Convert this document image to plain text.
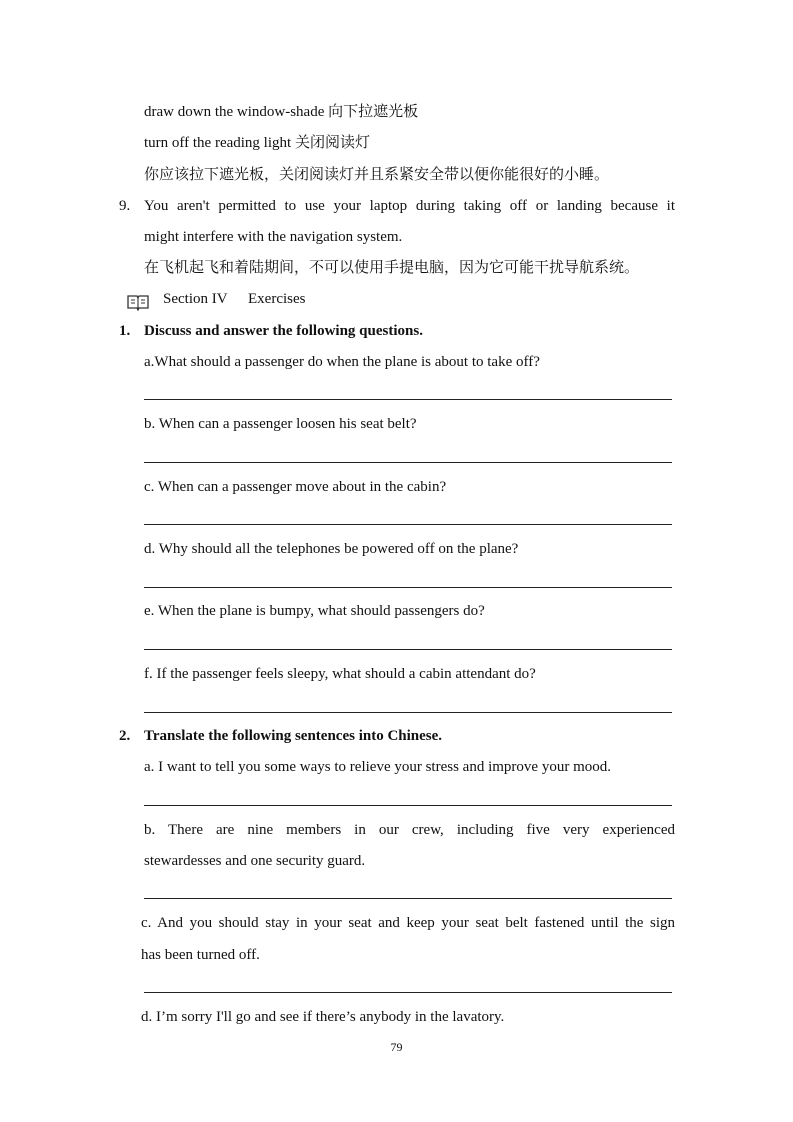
draw down the window-shade 向下拉遮光板
turn off the reading light 关闭阅读灯
你应该拉下遮光板，关闭阅读灯并且系紧安全带以便你能很好的小睡。
9. You aren't permitted to use your laptop during taking off or landing because it
might interfere with the navigation system.
在飞机起飞和着陆期间，不可以使用手提电脑，因为它可能干扰导航系统。
Section IV Exercises
1. Discuss and answer the following questions.
a.What should a passenger do when the plane is about to take off?
b. When can a passenger loosen his seat belt?
c. When can a passenger move about in the cabin?
d. Why should all the telephones be powered off on the plane?
e. When the plane is bumpy, what should passengers do?
f. If the passenger feels sleepy, what should a cabin attendant do?
2. Translate the following sentences into Chinese.
a. I want to tell you some ways to relieve your stress and improve your mood.
b. There are nine members in our crew, including five very experienced
stewardesses and one security guard.
c. And you should stay in your seat and keep your seat belt fastened until the sign
has been turned off.
d. I’m sorry I'll go and see if there’s anybody in the lavatory.
79
